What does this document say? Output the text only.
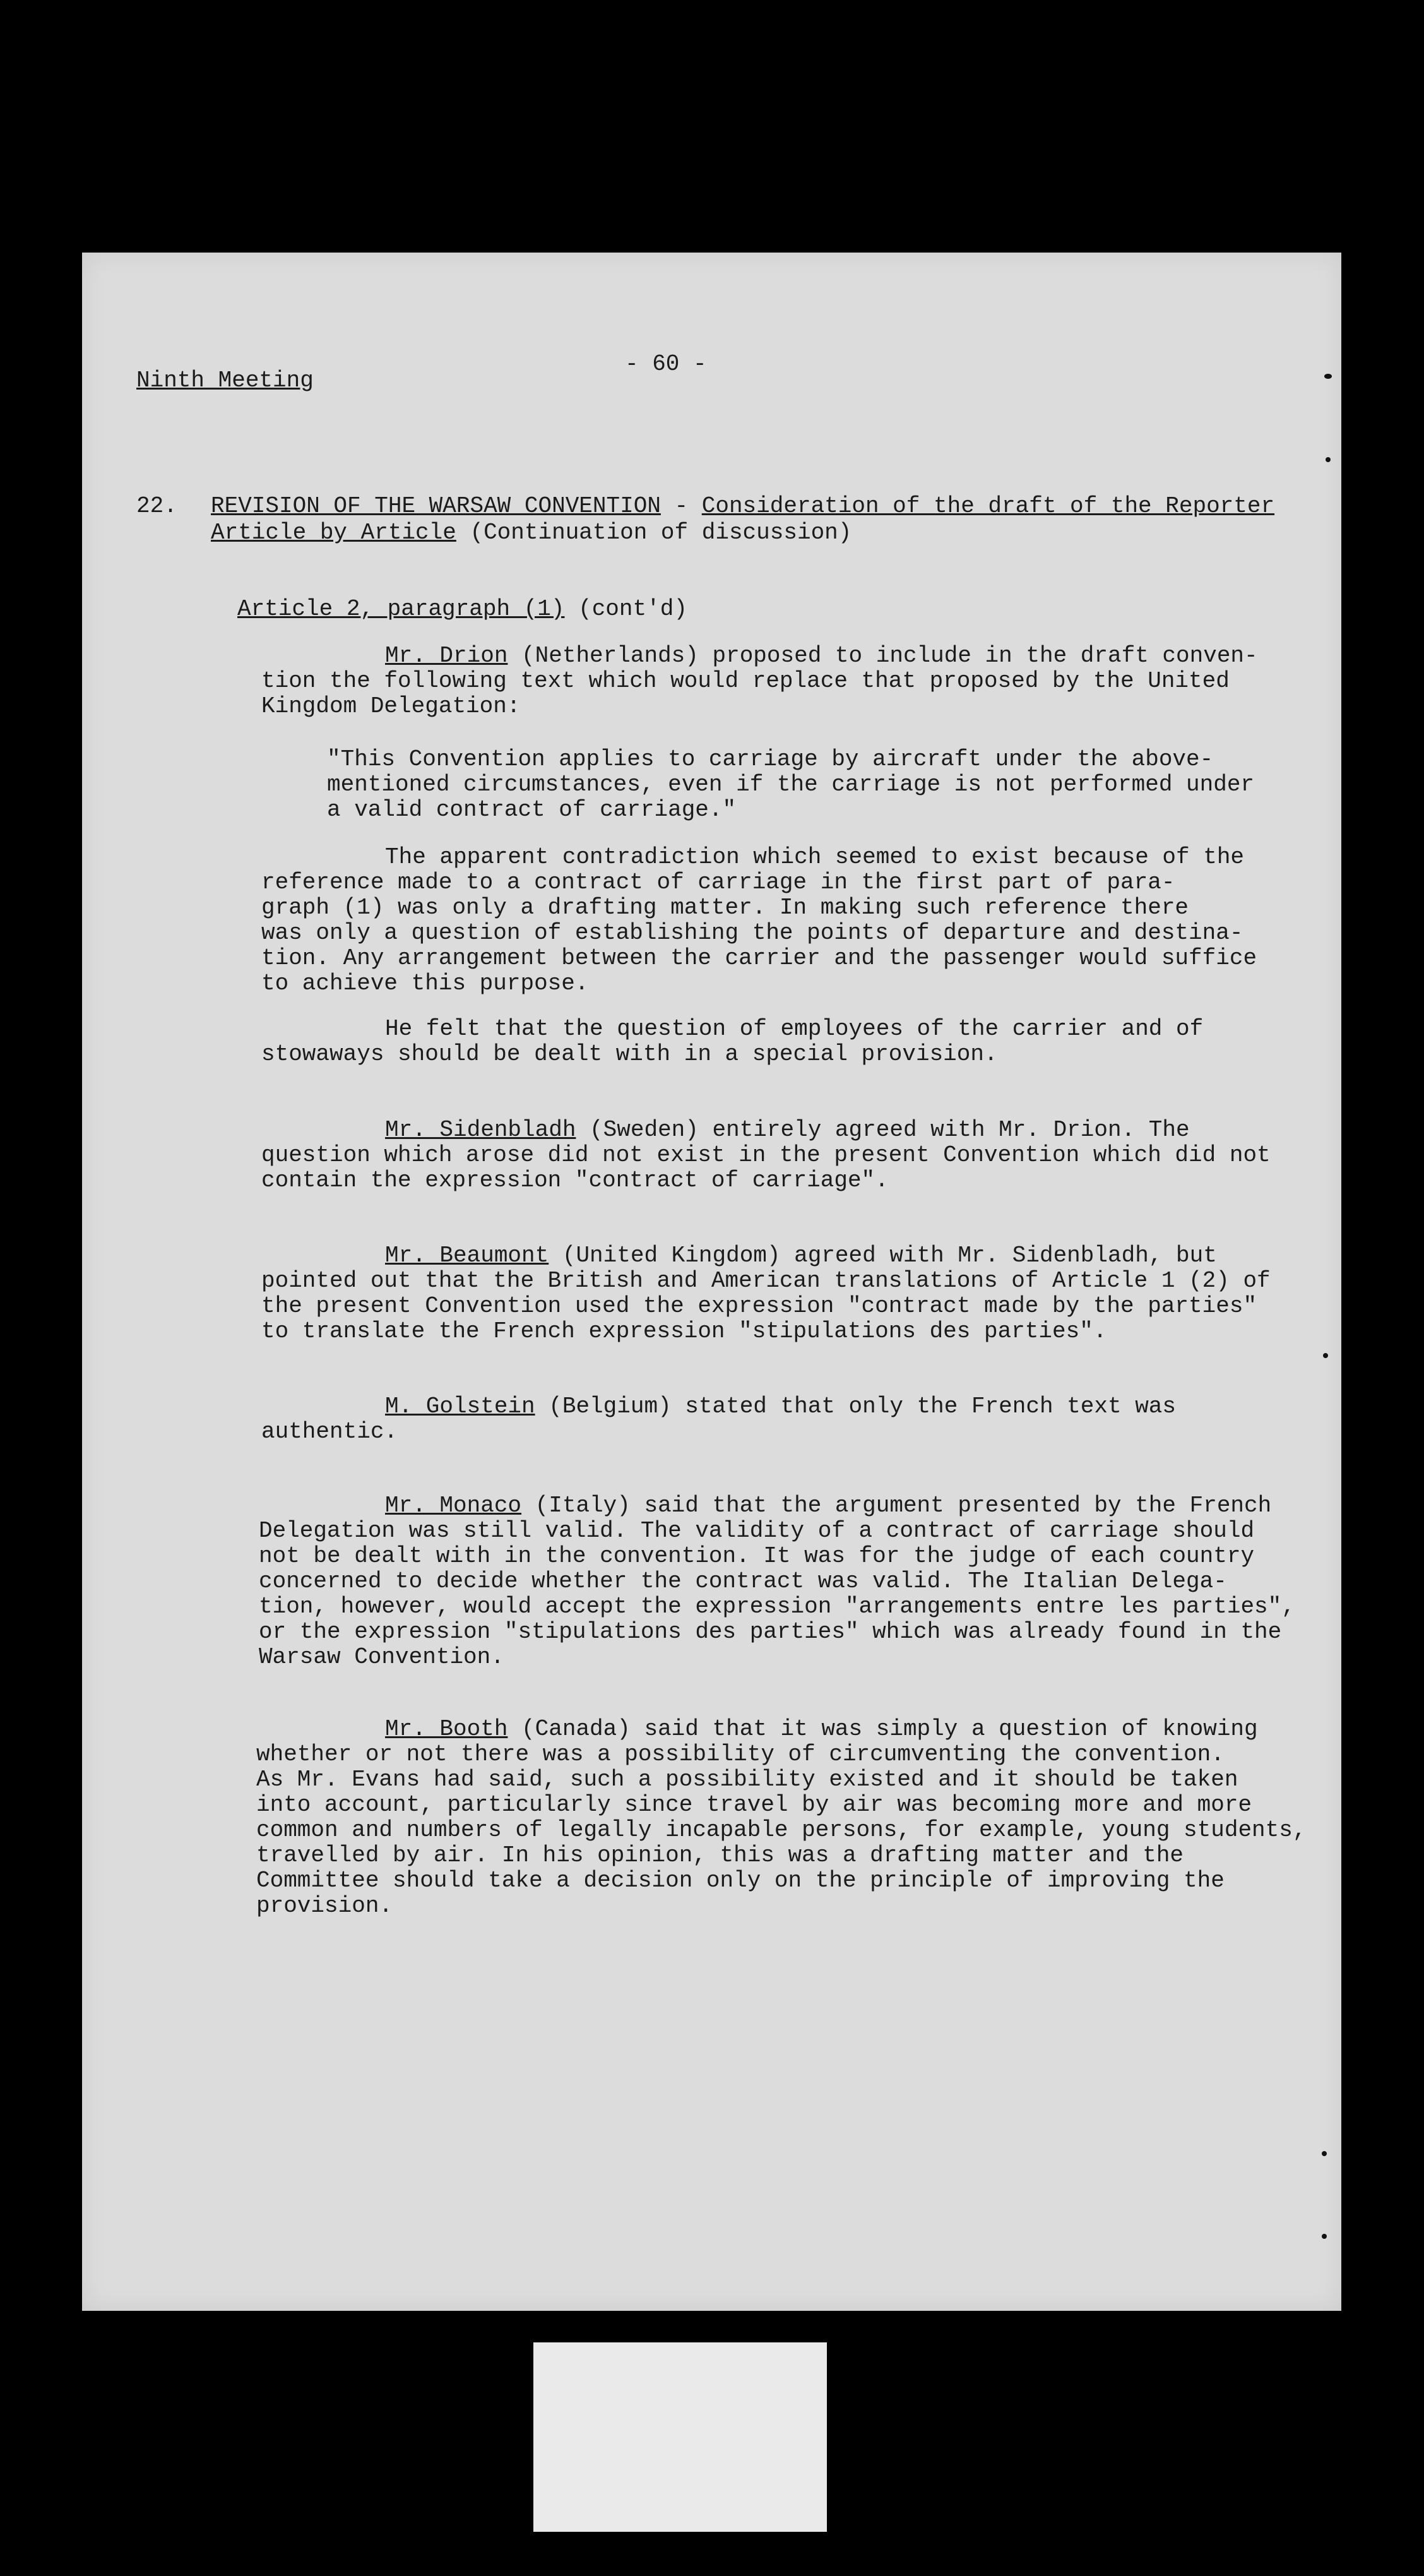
Ninth Meeting
- 60 -
22. REVISION OF THE WARSAW CONVENTION - Consideration of the draft of the Reporter
Article by Article (Continuation of discussion)
Article 2, paragraph (1) (cont'd)

Mr. Drion (Netherlands) proposed to include in the draft conven-

tion the following text which would replace that proposed by the United

Kingdom Delegation:

"This Convention applies to carriage by aircraft under the above-

mentioned circumstances, even if the carriage is not performed under

a valid contract of carriage."

The apparent contradiction which seemed to exist because of the

reference made to a contract of carriage in the first part of para-

graph (1) was only a drafting matter. In making such reference there

was only a question of establishing the points of departure and destina-

tion. Any arrangement between the carrier and the passenger would suffice

to achieve this purpose.

He felt that the question of employees of the carrier and of

stowaways should be dealt with in a special provision.

Mr. Sidenbladh (Sweden) entirely agreed with Mr. Drion. The

question which arose did not exist in the present Convention which did not

contain the expression "contract of carriage".

Mr. Beaumont (United Kingdom) agreed with Mr. Sidenbladh, but

pointed out that the British and American translations of Article 1 (2) of

the present Convention used the expression "contract made by the parties"

to translate the French expression "stipulations des parties".

M. Golstein (Belgium) stated that only the French text was

authentic.

Mr. Monaco (Italy) said that the argument presented by the French

Delegation was still valid. The validity of a contract of carriage should

not be dealt with in the convention. It was for the judge of each country

concerned to decide whether the contract was valid. The Italian Delega-

tion, however, would accept the expression "arrangements entre les parties",

or the expression "stipulations des parties" which was already found in the

Warsaw Convention.

Mr. Booth (Canada) said that it was simply a question of knowing

whether or not there was a possibility of circumventing the convention.

As Mr. Evans had said, such a possibility existed and it should be taken

into account, particularly since travel by air was becoming more and more

common and numbers of legally incapable persons, for example, young students,

travelled by air. In his opinion, this was a drafting matter and the

Committee should take a decision only on the principle of improving the

provision.
